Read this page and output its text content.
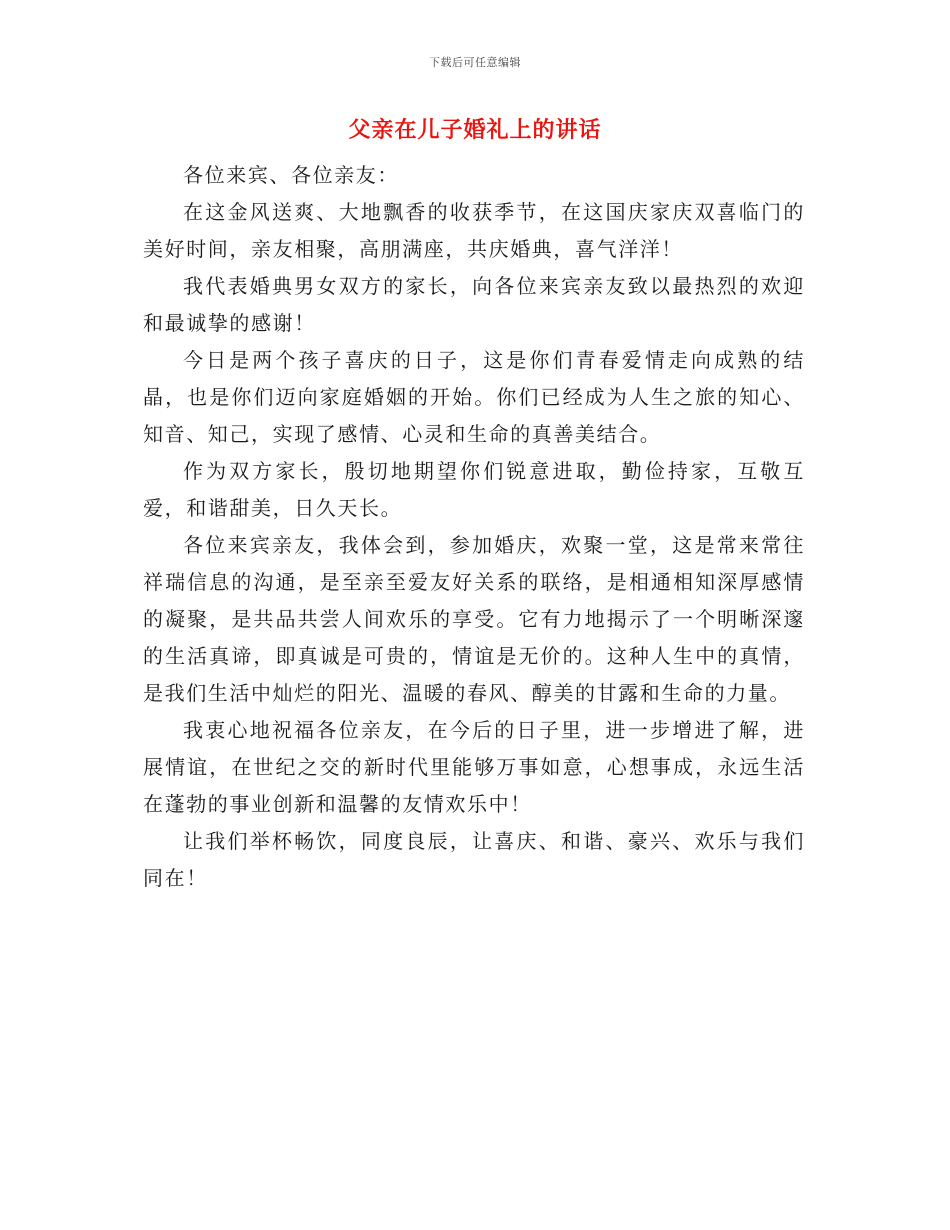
下载后可任意编辑
父亲在儿子婚礼上的讲话

各位来宾、各位亲友：

在这金风送爽、大地飘香的收获季节，在这国庆家庆双喜临门的美好时间，亲友相聚，高朋满座，共庆婚典，喜气洋洋！

我代表婚典男女双方的家长，向各位来宾亲友致以最热烈的欢迎和最诚挚的感谢！

今日是两个孩子喜庆的日子，这是你们青春爱情走向成熟的结晶，也是你们迈向家庭婚姻的开始。你们已经成为人生之旅的知心、知音、知己，实现了感情、心灵和生命的真善美结合。

作为双方家长，殷切地期望你们锐意进取，勤俭持家，互敬互爱，和谐甜美，日久天长。

各位来宾亲友，我体会到，参加婚庆，欢聚一堂，这是常来常往祥瑞信息的沟通，是至亲至爱友好关系的联络，是相通相知深厚感情的凝聚，是共品共尝人间欢乐的享受。它有力地揭示了一个明晰深邃的生活真谛，即真诚是可贵的，情谊是无价的。这种人生中的真情，是我们生活中灿烂的阳光、温暖的春风、醇美的甘露和生命的力量。

我衷心地祝福各位亲友，在今后的日子里，进一步增进了解，进展情谊，在世纪之交的新时代里能够万事如意，心想事成，永远生活在蓬勃的事业创新和温馨的友情欢乐中！

让我们举杯畅饮，同度良辰，让喜庆、和谐、豪兴、欢乐与我们同在！
